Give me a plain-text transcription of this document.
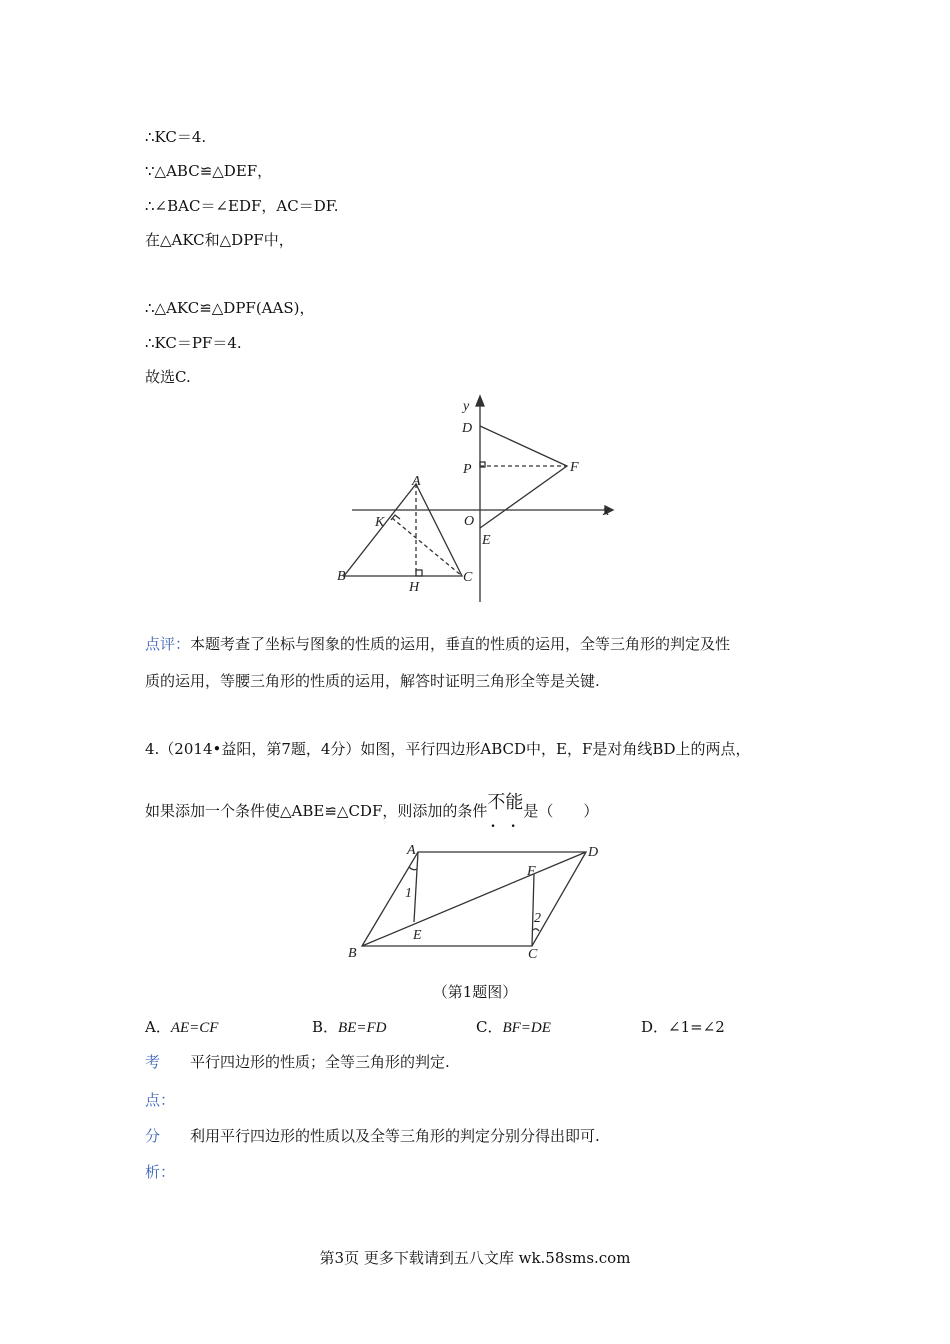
∴KC＝4.
∵△ABC≌△DEF，
∴∠BAC＝∠EDF，AC＝DF.
在△AKC和△DPF中，
∴△AKC≌△DPF(AAS)，
∴KC＝PF＝4.
故选C.
y
x
D
P	F
A
O
K
E
B
H
C
点评：本题考查了坐标与图象的性质的运用，垂直的性质的运用，全等三角形的判定及性
质的运用，等腰三角形的性质的运用，解答时证明三角形全等是关键.
4.（2014•益阳，第7题，4分）如图，平行四边形ABCD中，E，F是对角线BD上的两点，
如果添加一个条件使△ABE≌△CDF，则添加的条件不能 • •是（　　）
A	D
F
1
2
E
B	C
（第1题图）
A．AE=CF	B．BE=FD	C．BF=DE	D．∠1=∠2
考 平行四边形的性质；全等三角形的判定.
点：
分 利用平行四边形的性质以及全等三角形的判定分别分得出即可.
析：
第3页 更多下载请到五八文库 wk.58sms.com
